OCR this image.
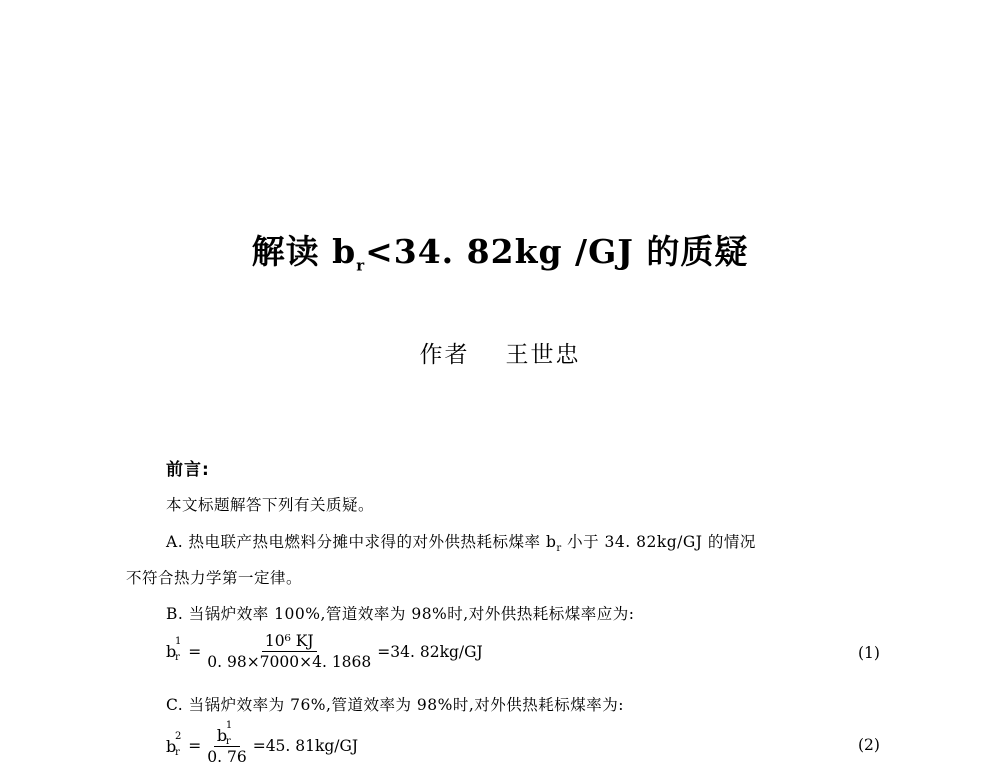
解读 $b_r<34$. 82kg /GJ 的质疑
作者 王世忠
前言:
本文标题解答下列有关质疑。
A. 热电联产热电燃料分摊中求得的对外供热耗标煤率 $b_r$ 小于 34. 82kg/GJ 的情况
不符合热力学第一定律。
B. 当锅炉效率 100%,管道效率为 98%时,对外供热耗标煤率应为:
b
1
$r = \frac{\text{10⁶ KJ}}{0. 98\times 7000\times 4. 1868} =34$. 82kg/GJ	(1)
C. 当锅炉效率为 76%,管道效率为 98%时,对外供热耗标煤率为:
b
2
r = b
1
r
0. 76 =45. 81kg/GJ	(2)
